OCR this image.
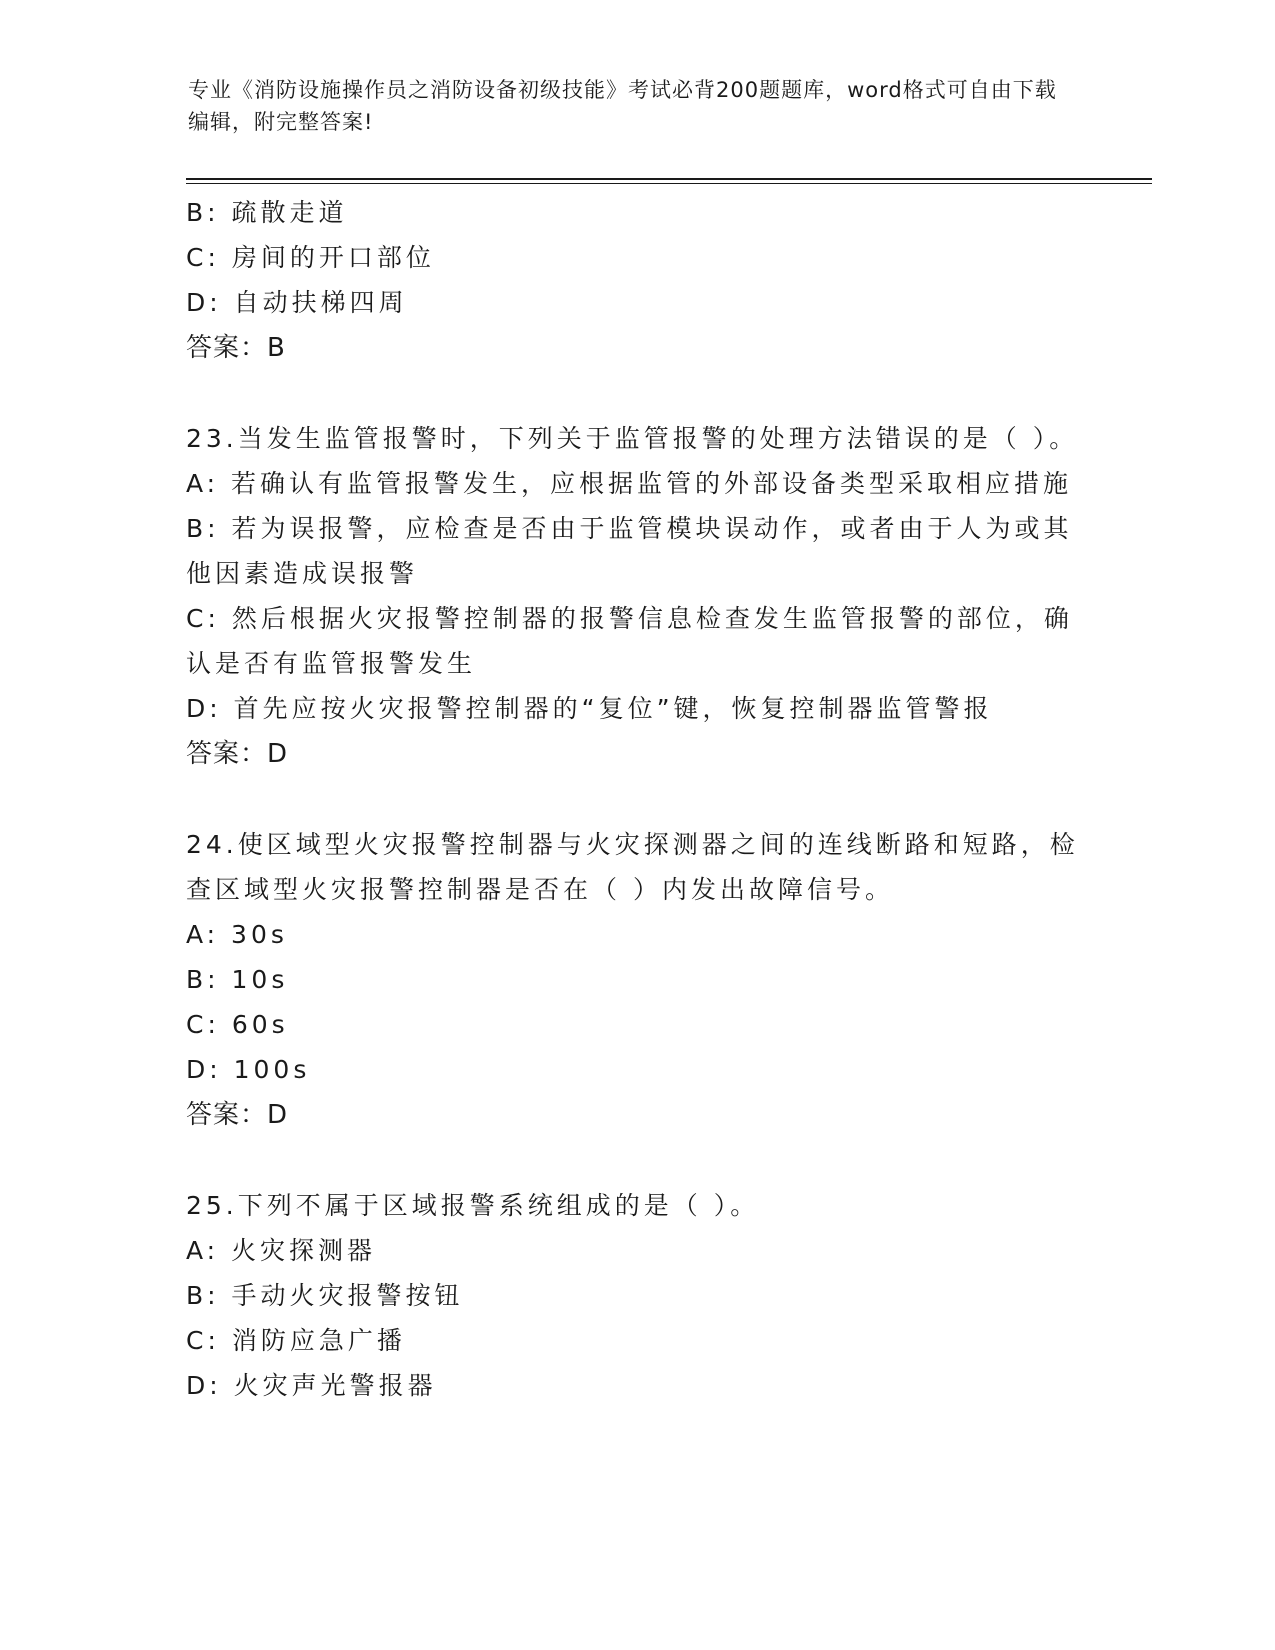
专业《消防设施操作员之消防设备初级技能》考试必背200题题库，word格式可自由下载编辑，附完整答案!
B: 疏散走道
C: 房间的开口部位
D: 自动扶梯四周
答案：B
23.当发生监管报警时，下列关于监管报警的处理方法错误的是（ ）。
A: 若确认有监管报警发生，应根据监管的外部设备类型采取相应措施
B: 若为误报警，应检查是否由于监管模块误动作，或者由于人为或其他因素造成误报警
C: 然后根据火灾报警控制器的报警信息检查发生监管报警的部位，确认是否有监管报警发生
D: 首先应按火灾报警控制器的“复位”键，恢复控制器监管警报
答案：D
24.使区域型火灾报警控制器与火灾探测器之间的连线断路和短路，检查区域型火灾报警控制器是否在（ ）内发出故障信号。
A: 30s
B: 10s
C: 60s
D: 100s
答案：D
25.下列不属于区域报警系统组成的是（ ）。
A: 火灾探测器
B: 手动火灾报警按钮
C: 消防应急广播
D: 火灾声光警报器
